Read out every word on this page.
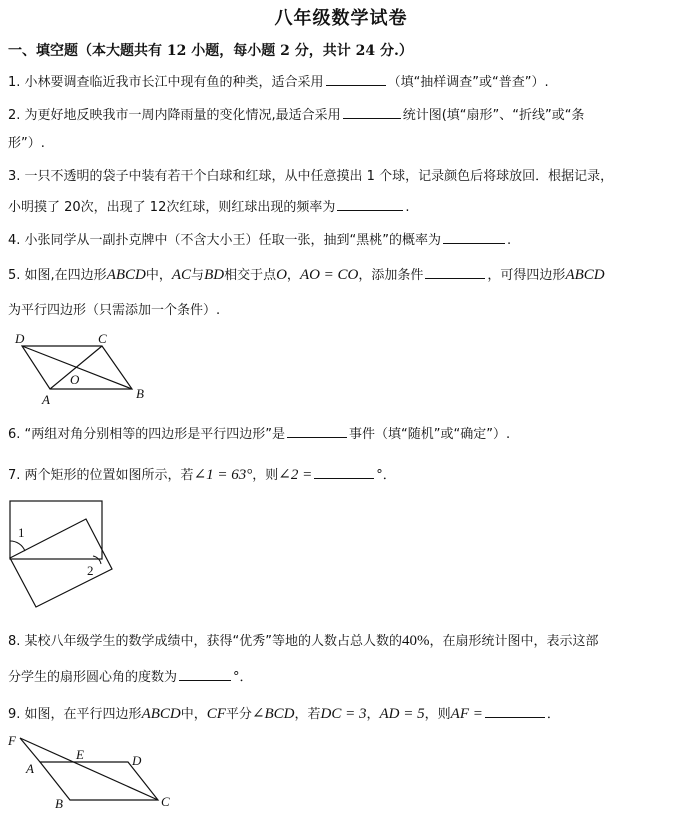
八年级数学试卷
一、填空题（本大题共有 12 小题，每小题 2 分，共计 24 分.）
1. 小林要调查临近我市长江中现有鱼的种类，适合采用	（填“抽样调查”或“普查”）.
2. 为更好地反映我市一周内降雨量的变化情况,最适合采用	统计图(填“扇形”、“折线”或“条
形”）.
3. 一只不透明的袋子中装有若干个白球和红球，从中任意摸出 1 个球，记录颜色后将球放回．根据记录，
小明摸了 20次，出现了 12次红球，则红球出现的频率为	.
4. 小张同学从一副扑克牌中（不含大小王）任取一张，抽到“黑桃”的概率为	.
5. 如图,在四边形ABCD中，AC与BD相交于点O，AO = CO，添加条件	，可得四边形ABCD
为平行四边形（只需添加一个条件）.
D	C
O
A	B
6. “两组对角分别相等的四边形是平行四边形”是	事件（填“随机”或“确定”）.
7. 两个矩形的位置如图所示，若∠1 = 63°，则∠2 =	°．
1
2
8. 某校八年级学生的数学成绩中，获得“优秀”等地的人数占总人数的40%，在扇形统计图中，表示这部
分学生的扇形圆心角的度数为	°．
9. 如图，在平行四边形ABCD中，CF平分∠BCD，若DC = 3，AD = 5，则AF =	．
F
E	D
A
B	C
